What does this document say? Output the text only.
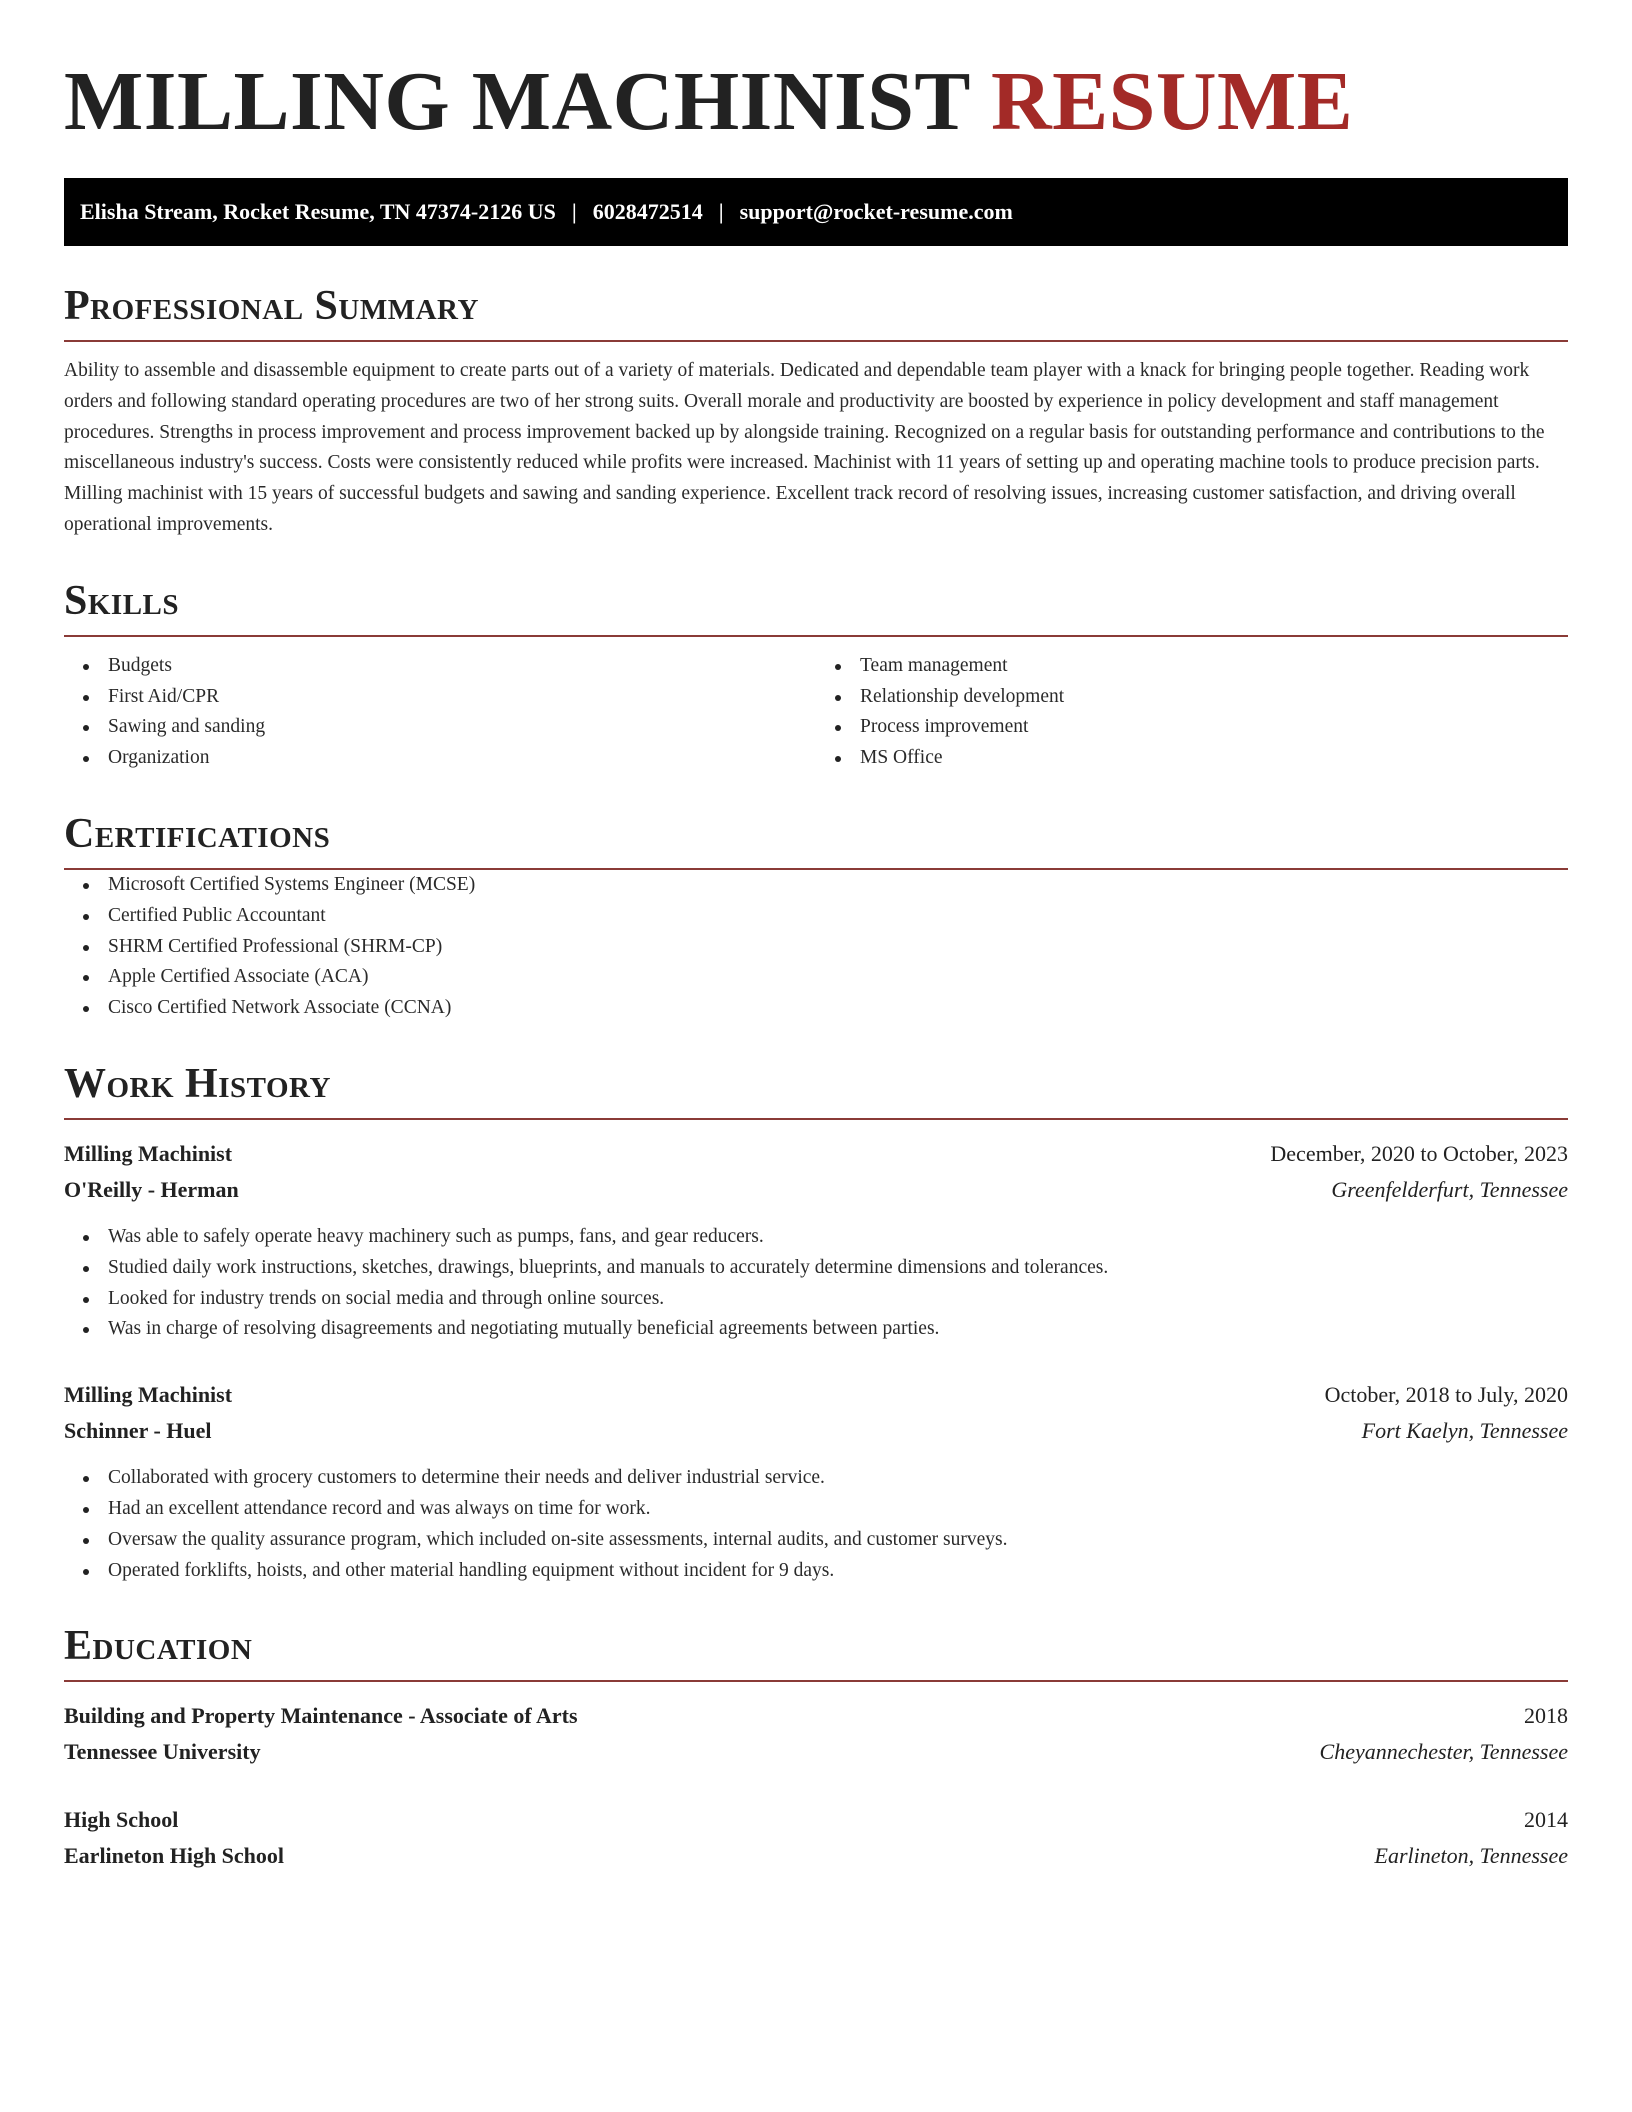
MILLING MACHINIST RESUME
Elisha Stream, Rocket Resume, TN 47374-2126 US | 6028472514 | support@rocket-resume.com
Professional Summary

Ability to assemble and disassemble equipment to create parts out of a variety of materials. Dedicated and dependable team player with a knack for bringing people together. Reading work orders and following standard operating procedures are two of her strong suits. Overall morale and productivity are boosted by experience in policy development and staff management procedures. Strengths in process improvement and process improvement backed up by alongside training. Recognized on a regular basis for outstanding performance and contributions to the miscellaneous industry's success. Costs were consistently reduced while profits were increased. Machinist with 11 years of setting up and operating machine tools to produce precision parts. Milling machinist with 15 years of successful budgets and sawing and sanding experience. Excellent track record of resolving issues, increasing customer satisfaction, and driving overall operational improvements.

Skills
Budgets
First Aid/CPR
Sawing and sanding
Organization
Team management
Relationship development
Process improvement
MS Office
Certifications
Microsoft Certified Systems Engineer (MCSE)
Certified Public Accountant
SHRM Certified Professional (SHRM-CP)
Apple Certified Associate (ACA)
Cisco Certified Network Associate (CCNA)
Work History
Milling Machinist	December, 2020 to October, 2023
O'Reilly - Herman	Greenfelderfurt, Tennessee
Was able to safely operate heavy machinery such as pumps, fans, and gear reducers.
Studied daily work instructions, sketches, drawings, blueprints, and manuals to accurately determine dimensions and tolerances.
Looked for industry trends on social media and through online sources.
Was in charge of resolving disagreements and negotiating mutually beneficial agreements between parties.
Milling Machinist	October, 2018 to July, 2020
Schinner - Huel	Fort Kaelyn, Tennessee
Collaborated with grocery customers to determine their needs and deliver industrial service.
Had an excellent attendance record and was always on time for work.
Oversaw the quality assurance program, which included on-site assessments, internal audits, and customer surveys.
Operated forklifts, hoists, and other material handling equipment without incident for 9 days.
Education
Building and Property Maintenance - Associate of Arts	2018
Tennessee University	Cheyannechester, Tennessee
High School	2014
Earlineton High School	Earlineton, Tennessee
